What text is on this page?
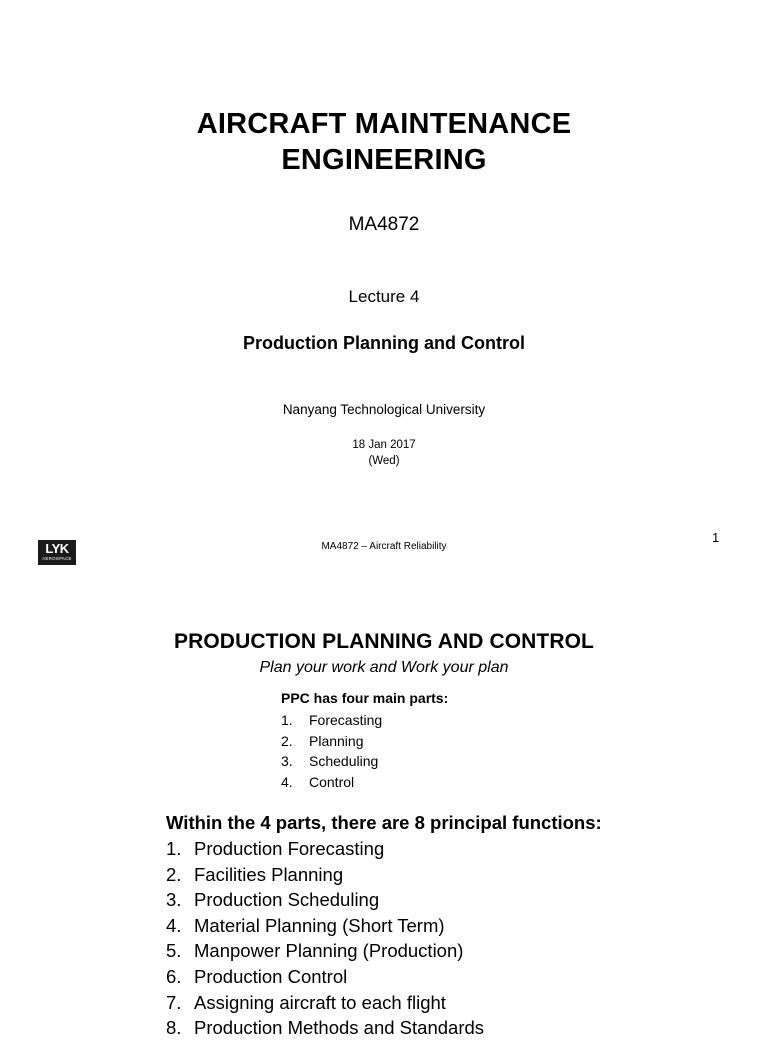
AIRCRAFT MAINTENANCE
ENGINEERING
MA4872
Lecture 4
Production Planning and Control
Nanyang Technological University
18 Jan 2017
(Wed)
LYK
AEROSPACE
MA4872 – Aircraft Reliability
1
PRODUCTION PLANNING AND CONTROL
Plan your work and Work your plan
PPC has four main parts:
1.	Forecasting
2.	Planning
3.	Scheduling
4.	Control
Within the 4 parts, there are 8 principal functions:
1. Production Forecasting
2. Facilities Planning
3. Production Scheduling
4. Material Planning (Short Term)
5. Manpower Planning (Production)
6. Production Control
7. Assigning aircraft to each flight
8. Production Methods and Standards
